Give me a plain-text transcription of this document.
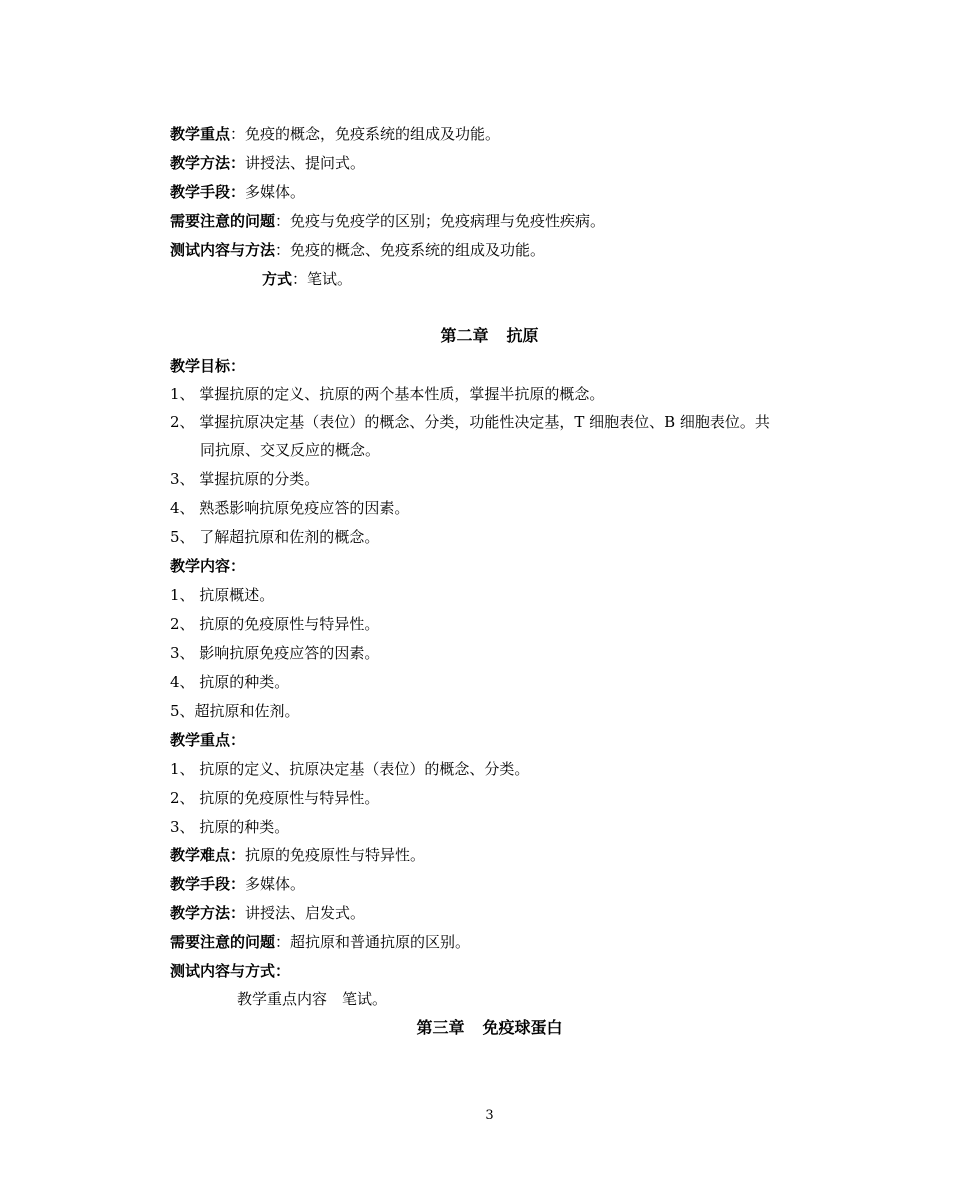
教学重点：免疫的概念，免疫系统的组成及功能。
教学方法：讲授法、提问式。
教学手段：多媒体。
需要注意的问题：免疫与免疫学的区别；免疫病理与免疫性疾病。
测试内容与方法：免疫的概念、免疫系统的组成及功能。
方式：笔试。
第二章 抗原
教学目标：
1、 掌握抗原的定义、抗原的两个基本性质，掌握半抗原的概念。
2、 掌握抗原决定基（表位）的概念、分类，功能性决定基，T 细胞表位、B 细胞表位。共
同抗原、交叉反应的概念。
3、 掌握抗原的分类。
4、 熟悉影响抗原免疫应答的因素。
5、 了解超抗原和佐剂的概念。
教学内容：
1、 抗原概述。
2、 抗原的免疫原性与特异性。
3、 影响抗原免疫应答的因素。
4、 抗原的种类。
5、超抗原和佐剂。
教学重点：
1、 抗原的定义、抗原决定基（表位）的概念、分类。
2、 抗原的免疫原性与特异性。
3、 抗原的种类。
教学难点：抗原的免疫原性与特异性。
教学手段：多媒体。
教学方法：讲授法、启发式。
需要注意的问题：超抗原和普通抗原的区别。
测试内容与方式：
教学重点内容　笔试。
第三章 免疫球蛋白
3
